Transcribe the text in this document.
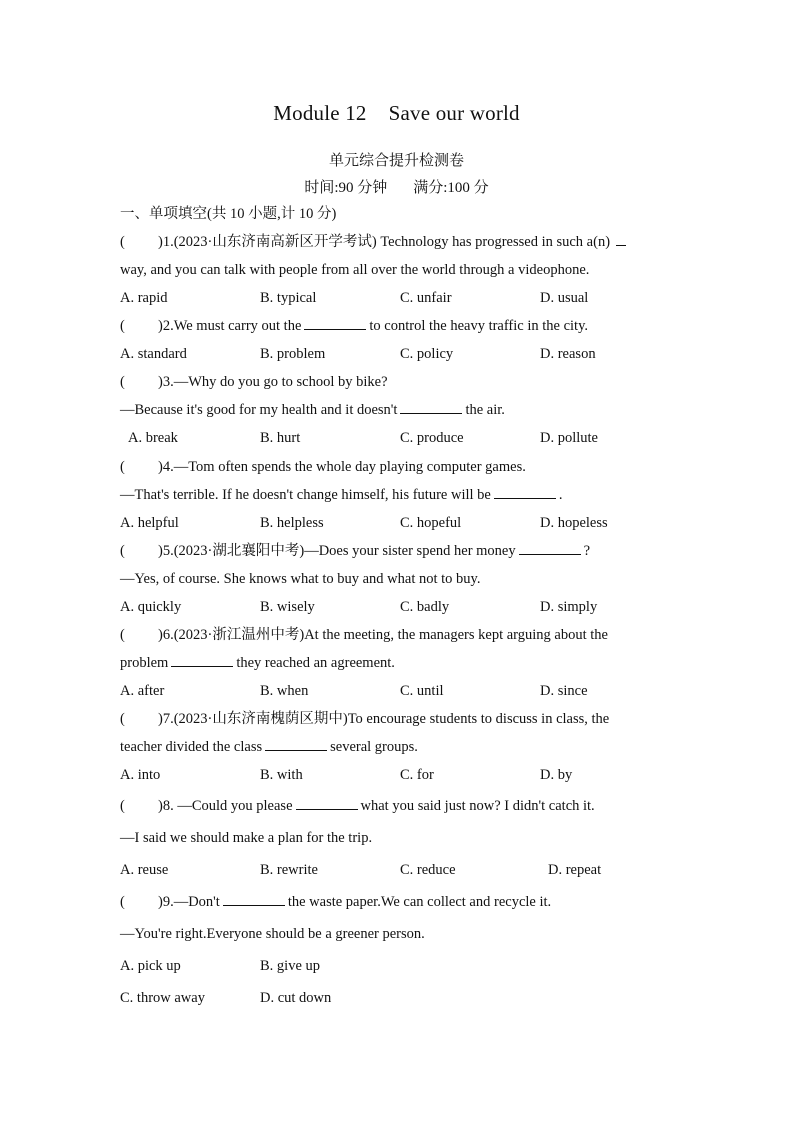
Module 12 Save our world
单元综合提升检测卷
时间:90 分钟 满分:100 分
一、单项填空(共 10 小题,计 10 分)
( )1.(2023·山东济南高新区开学考试) Technology has progressed in such a(n)
way, and you can talk with people from all over the world through a videophone.
A. rapid	B. typical	C. unfair	D. usual
( )2.We must carry out the	to control the heavy traffic in the city.
A. standard	B. problem	C. policy	D. reason
( )3.—Why do you go to school by bike?
—Because it's good for my health and it doesn't	the air.
A. break	B. hurt	C. produce	D. pollute
( )4.—Tom often spends the whole day playing computer games.
—That's terrible. If he doesn't change himself, his future will be	.
A. helpful	B. helpless	C. hopeful	D. hopeless
( )5.(2023·湖北襄阳中考)—Does your sister spend her money	?
—Yes, of course. She knows what to buy and what not to buy.
A. quickly	B. wisely	C. badly	D. simply
( )6.(2023·浙江温州中考)At the meeting, the managers kept arguing about the
problem	they reached an agreement.
A. after	B. when	C. until	D. since
( )7.(2023·山东济南槐荫区期中)To encourage students to discuss in class, the
teacher divided the class	several groups.
A. into	B. with	C. for	D. by
( )8. —Could you please	what you said just now? I didn't catch it.
—I said we should make a plan for the trip.
A. reuse	B. rewrite	C. reduce	D. repeat
( )9.—Don't	the waste paper.We can collect and recycle it.
—You're right.Everyone should be a greener person.
A. pick up	B. give up
C. throw away	D. cut down
